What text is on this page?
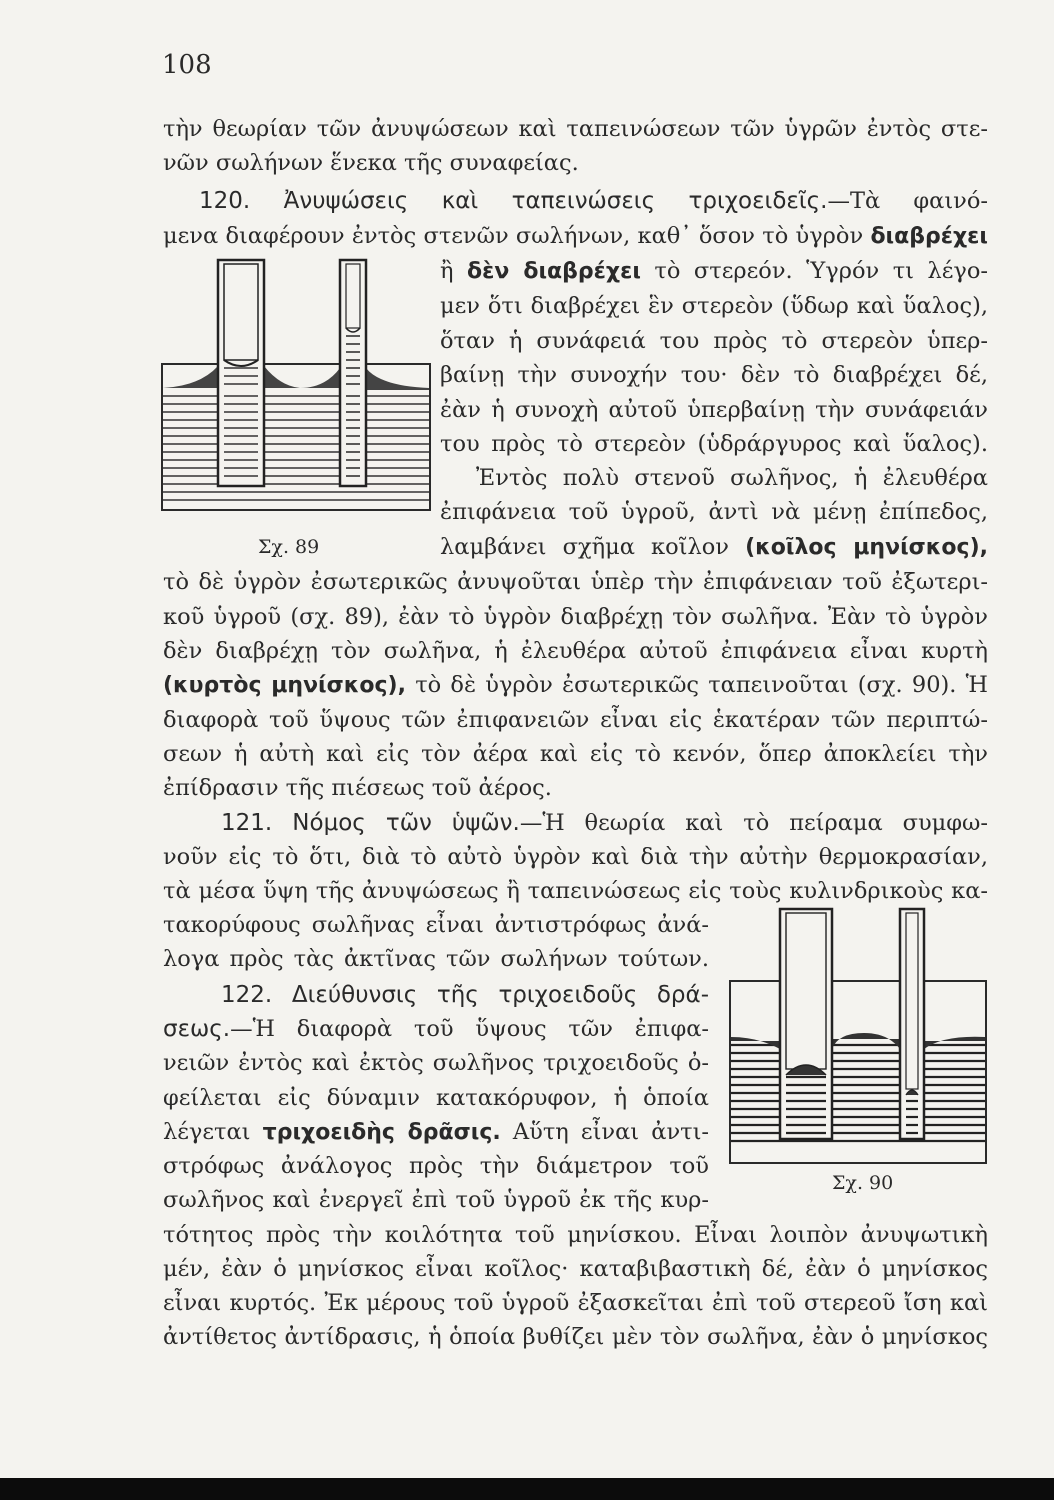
108
τὴν θεωρίαν τῶν ἀνυψώσεων καὶ ταπεινώσεων τῶν ὑγρῶν ἐντὸς στε-
νῶν σωλήνων ἕνεκα τῆς συναφείας.
120. Ἀνυψώσεις καὶ ταπεινώσεις τριχοειδεῖς.—Τὰ φαινό-
μενα διαφέρουν ἐντὸς στενῶν σωλήνων, καθ᾽ ὅσον τὸ ὑγρὸν διαβρέχει
ἢ δὲν διαβρέχει τὸ στερεόν. Ὑγρόν τι λέγο-
μεν ὅτι διαβρέχει ἓν στερεὸν (ὕδωρ καὶ ὕαλος),
ὅταν ἡ συνάφειά του πρὸς τὸ στερεὸν ὑπερ-
βαίνῃ τὴν συνοχήν του· δὲν τὸ διαβρέχει δέ,
ἐὰν ἡ συνοχὴ αὐτοῦ ὑπερβαίνῃ τὴν συνάφειάν
του πρὸς τὸ στερεὸν (ὑδράργυρος καὶ ὕαλος).
Ἐντὸς πολὺ στενοῦ σωλῆνος, ἡ ἐλευθέρα
ἐπιφάνεια τοῦ ὑγροῦ, ἀντὶ νὰ μένῃ ἐπίπεδος,
λαμβάνει σχῆμα κοῖλον (κοῖλος μηνίσκος),
Σχ. 89
τὸ δὲ ὑγρὸν ἐσωτερικῶς ἀνυψοῦται ὑπὲρ τὴν ἐπιφάνειαν τοῦ ἐξωτερι-
κοῦ ὑγροῦ (σχ. 89), ἐὰν τὸ ὑγρὸν διαβρέχῃ τὸν σωλῆνα. Ἐὰν τὸ ὑγρὸν
δὲν διαβρέχῃ τὸν σωλῆνα, ἡ ἐλευθέρα αὐτοῦ ἐπιφάνεια εἶναι κυρτὴ
(κυρτὸς μηνίσκος), τὸ δὲ ὑγρὸν ἐσωτερικῶς ταπεινοῦται (σχ. 90). Ἡ
διαφορὰ τοῦ ὕψους τῶν ἐπιφανειῶν εἶναι εἰς ἑκατέραν τῶν περιπτώ-
σεων ἡ αὐτὴ καὶ εἰς τὸν ἀέρα καὶ εἰς τὸ κενόν, ὅπερ ἀποκλείει τὴν
ἐπίδρασιν τῆς πιέσεως τοῦ ἀέρος.
121. Νόμος τῶν ὑψῶν.—Ἡ θεωρία καὶ τὸ πείραμα συμφω-
νοῦν εἰς τὸ ὅτι, διὰ τὸ αὐτὸ ὑγρὸν καὶ διὰ τὴν αὐτὴν θερμοκρασίαν,
τὰ μέσα ὕψη τῆς ἀνυψώσεως ἢ ταπεινώσεως εἰς τοὺς κυλινδρικοὺς κα-
τακορύφους σωλῆνας εἶναι ἀντιστρόφως ἀνά-
λογα πρὸς τὰς ἀκτῖνας τῶν σωλήνων τούτων.
122. Διεύθυνσις τῆς τριχοειδοῦς δρά-
σεως.—Ἡ διαφορὰ τοῦ ὕψους τῶν ἐπιφα-
νειῶν ἐντὸς καὶ ἐκτὸς σωλῆνος τριχοειδοῦς ὀ-
φείλεται εἰς δύναμιν κατακόρυφον, ἡ ὁποία
λέγεται τριχοειδὴς δρᾶσις. Αὕτη εἶναι ἀντι-
στρόφως ἀνάλογος πρὸς τὴν διάμετρον τοῦ
σωλῆνος καὶ ἐνεργεῖ ἐπὶ τοῦ ὑγροῦ ἐκ τῆς κυρ-
Σχ. 90
τότητος πρὸς τὴν κοιλότητα τοῦ μηνίσκου. Εἶναι λοιπὸν ἀνυψωτικὴ
μέν, ἐὰν ὁ μηνίσκος εἶναι κοῖλος· καταβιβαστικὴ δέ, ἐὰν ὁ μηνίσκος
εἶναι κυρτός. Ἐκ μέρους τοῦ ὑγροῦ ἐξασκεῖται ἐπὶ τοῦ στερεοῦ ἴση καὶ
ἀντίθετος ἀντίδρασις, ἡ ὁποία βυθίζει μὲν τὸν σωλῆνα, ἐὰν ὁ μηνίσκος
